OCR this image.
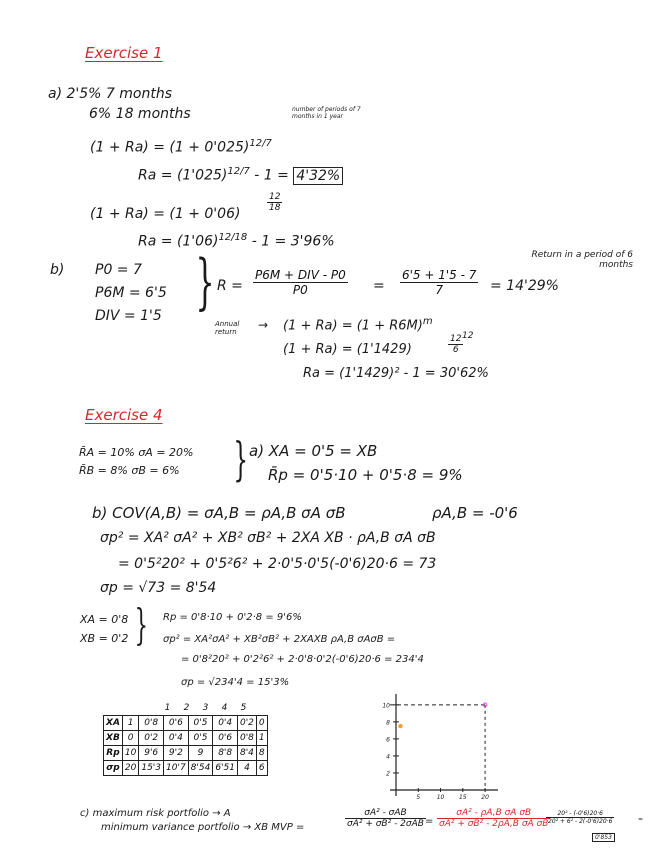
Exercise 1
a) 2'5% 7 months
6% 18 months	number of periods of 7 months in 1 year
$(1 + Ra) = (1 + 0'025)^{12/7}$
$Ra = (1'025)^{12/7} - 1 = 4'32\%$
(1 + Ra) = (1 + 0'06)
$\frac{12}{18}$
$Ra = (1'06)^{12/18} - 1 = 3'96\%$
b) P0 = 7
P6M = 6'5
DIV = 1'5 } R =
P6M + DIV - P0
P0	= $\frac{6'5 + 1'5 - 7}{7} = 14'29\%$
Return in a period of 6 months
Annual return	→ $(1 + Ra) = (1 + R6M)^m$
12
(1 + Ra) = (1'1429)	$\frac{12}{6}$
Ra = (1'1429)² - 1 = 30'62%
Exercise 4
R̄A = 10% σA = 20%
R̄B = 8% σB = 6% } a) XA = 0'5 = XB
R̄p = 0'5·10 + 0'5·8 = 9%
b) COV(A,B) = σA,B = ρA,B σA σB	ρA,B = -0'6
σp² = XA² σA² + XB² σB² + 2XA XB · ρA,B σA σB
= 0'5²20² + 0'5²6² + 2·0'5·0'5(-0'6)20·6 = 73
σp = √73 = 8'54
XA = 0'8
XB = 0'2 } Rp = 0'8·10 + 0'2·8 = 9'6%
σp² = XA²σA² + XB²σB² + 2XAXB ρA,B σAσB =
= 0'8²20² + 0'2²6² + 2·0'8·0'2(-0'6)20·6 = 234'4
σp = √234'4 = 15'3%
1 2 3 4 5
XA	1	0'8	0'6	0'5	0'4	0'2	0
XB	0	0'2	0'4	0'5	0'6	0'8	1
Rp	10	9'6	9'2	9	8'8	8'4	8
σp	20	15'3	10'7	8'54	6'51	4	6
2
4
6
8
10
5	10 15 20
c) maximum risk portfolio → A
minimum variance portfolio → XB MVP =
σA² - σAB
$\sigma A^2 + \sigma B^2 - 2\sigma AB = \frac{\text{σA² - ρA,B σA σB}}{\text{σA² + σB² - 2ρA,B σA σB}}$
$\frac{\text{20² - (-0'6)20·6}}{\text{20² + 6² - 2(-0'6)20·6}}$	=
0'853
